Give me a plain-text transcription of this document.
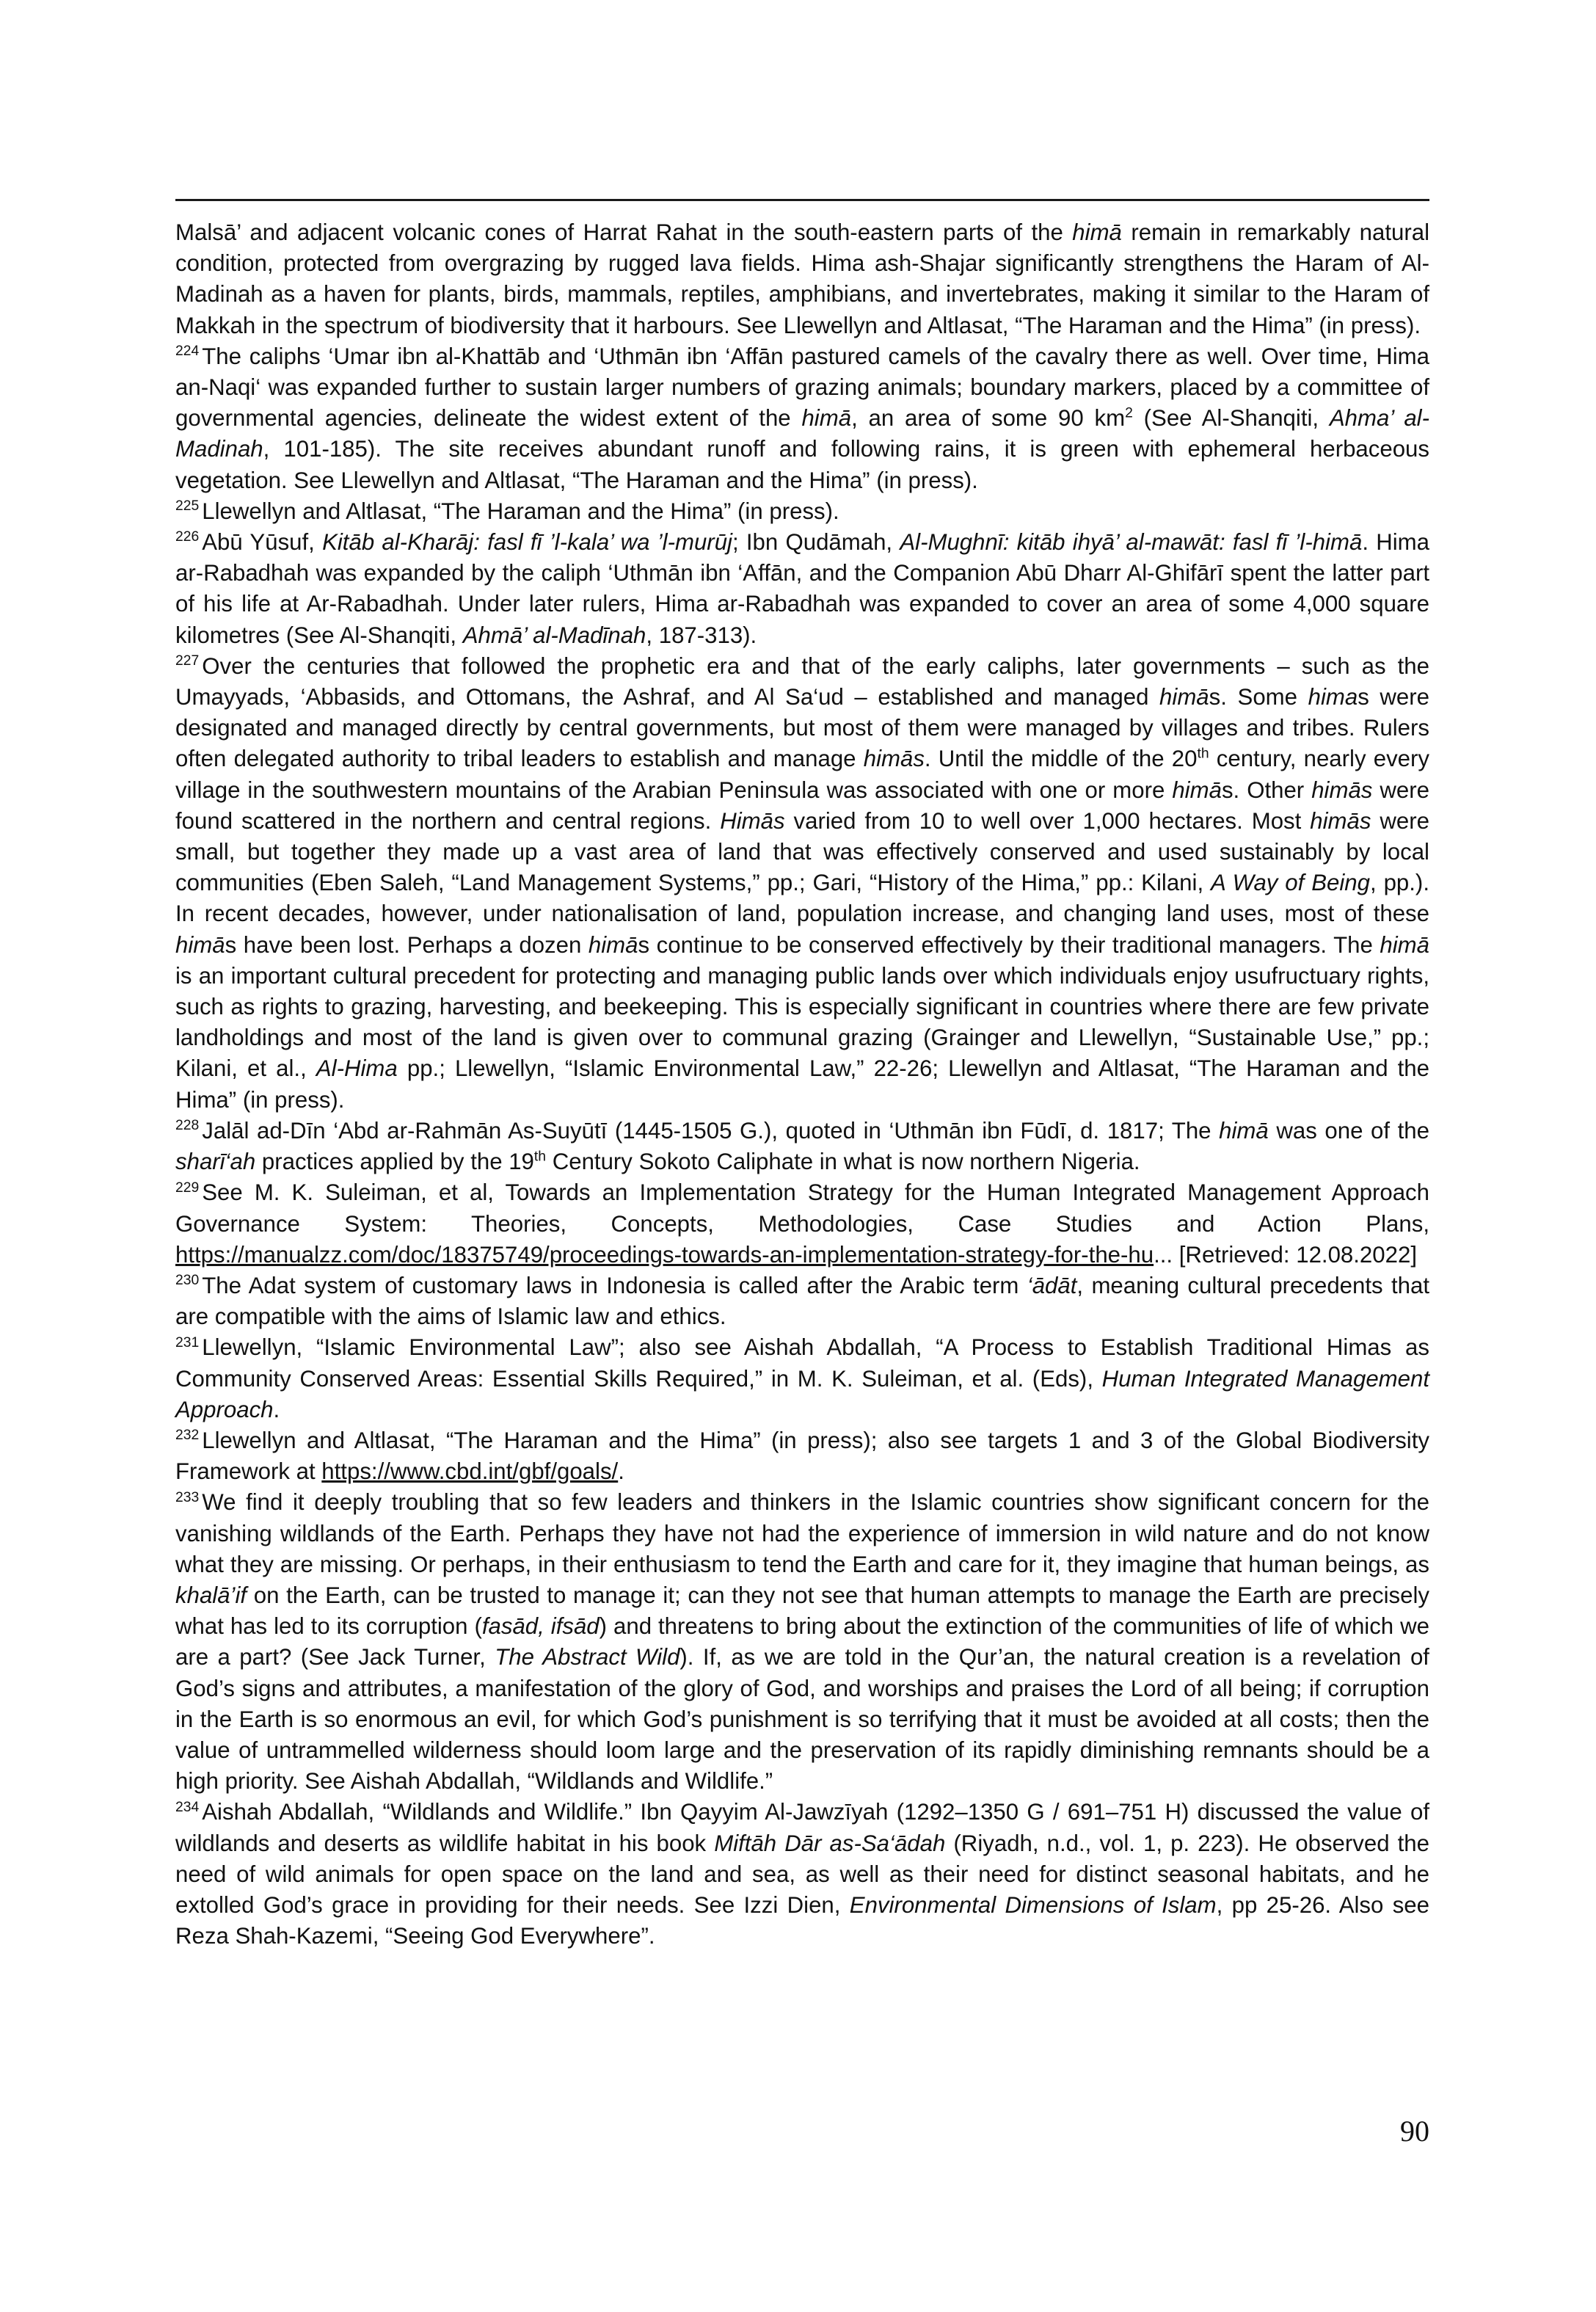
Malsā’ and adjacent volcanic cones of Harrat Rahat in the south-eastern parts of the himā remain in remarkably natural condition, protected from overgrazing by rugged lava fields. Hima ash-Shajar significantly strengthens the Haram of Al-Madinah as a haven for plants, birds, mammals, reptiles, amphibians, and invertebrates, making it similar to the Haram of Makkah in the spectrum of biodiversity that it harbours. See Llewellyn and Altlasat, “The Haraman and the Hima” (in press).

$^{224}$ The caliphs ‘Umar ibn al-Khattāb and ‘Uthmān ibn ‘Affān pastured camels of the cavalry there as well. Over time, Hima an-Naqi‘ was expanded further to sustain larger numbers of grazing animals; boundary markers, placed by a committee of governmental agencies, delineate the widest extent of the himā, an area of some 90 $km^2$ (See Al-Shanqiti, Ahma’ al-Madinah, 101-185). The site receives abundant runoff and following rains, it is green with ephemeral herbaceous vegetation. See Llewellyn and Altlasat, “The Haraman and the Hima” (in press).

$^{225}$ Llewellyn and Altlasat, “The Haraman and the Hima” (in press).

$^{226}$ Abū Yūsuf, Kitāb al-Kharāj: fasl fī ’l-kala’ wa ’l-murūj; Ibn Qudāmah, Al-Mughnī: kitāb ihyā’ al-mawāt: fasl fī ’l-himā. Hima ar-Rabadhah was expanded by the caliph ‘Uthmān ibn ‘Affān, and the Companion Abū Dharr Al-Ghifārī spent the latter part of his life at Ar-Rabadhah. Under later rulers, Hima ar-Rabadhah was expanded to cover an area of some 4,000 square kilometres (See Al-Shanqiti, Ahmā’ al-Madīnah, 187-313).

$^{227}$ Over the centuries that followed the prophetic era and that of the early caliphs, later governments – such as the Umayyads, ‘Abbasids, and Ottomans, the Ashraf, and Al Sa‘ud – established and managed himās. Some himas were designated and managed directly by central governments, but most of them were managed by villages and tribes. Rulers often delegated authority to tribal leaders to establish and manage himās. Until the middle of the 20th century, nearly every village in the southwestern mountains of the Arabian Peninsula was associated with one or more himās. Other himās were found scattered in the northern and central regions. Himās varied from 10 to well over 1,000 hectares. Most himās were small, but together they made up a vast area of land that was effectively conserved and used sustainably by local communities (Eben Saleh, “Land Management Systems,” pp.; Gari, “History of the Hima,” pp.: Kilani, A Way of Being, pp.). In recent decades, however, under nationalisation of land, population increase, and changing land uses, most of these himās have been lost. Perhaps a dozen himās continue to be conserved effectively by their traditional managers. The himā is an important cultural precedent for protecting and managing public lands over which individuals enjoy usufructuary rights, such as rights to grazing, harvesting, and beekeeping. This is especially significant in countries where there are few private landholdings and most of the land is given over to communal grazing (Grainger and Llewellyn, “Sustainable Use,” pp.; Kilani, et al., Al-Hima pp.; Llewellyn, “Islamic Environmental Law,” 22-26; Llewellyn and Altlasat, “The Haraman and the Hima” (in press).

$^{228}$ Jalāl ad-Dīn ‘Abd ar-Rahmān As-Suyūtī (1445-1505 G.), quoted in ‘Uthmān ibn Fūdī, d. 1817; The himā was one of the sharī‘ah practices applied by the 19th Century Sokoto Caliphate in what is now northern Nigeria.

$^{229}$ See M. K. Suleiman, et al, Towards an Implementation Strategy for the Human Integrated Management Approach Governance System: Theories, Concepts, Methodologies, Case Studies and Action Plans, https://manualzz.com/doc/18375749/proceedings-towards-an-implementation-strategy-for-the-hu... [Retrieved: 12.08.2022]

$^{230}$ The Adat system of customary laws in Indonesia is called after the Arabic term ‘ādāt, meaning cultural precedents that are compatible with the aims of Islamic law and ethics.

$^{231}$ Llewellyn, “Islamic Environmental Law”; also see Aishah Abdallah, “A Process to Establish Traditional Himas as Community Conserved Areas: Essential Skills Required,” in M. K. Suleiman, et al. (Eds), Human Integrated Management Approach.

$^{232}$ Llewellyn and Altlasat, “The Haraman and the Hima” (in press); also see targets 1 and 3 of the Global Biodiversity Framework at https://www.cbd.int/gbf/goals/.

$^{233}$ We find it deeply troubling that so few leaders and thinkers in the Islamic countries show significant concern for the vanishing wildlands of the Earth. Perhaps they have not had the experience of immersion in wild nature and do not know what they are missing. Or perhaps, in their enthusiasm to tend the Earth and care for it, they imagine that human beings, as khalā’if on the Earth, can be trusted to manage it; can they not see that human attempts to manage the Earth are precisely what has led to its corruption (fasād, ifsād) and threatens to bring about the extinction of the communities of life of which we are a part? (See Jack Turner, The Abstract Wild). If, as we are told in the Qur’an, the natural creation is a revelation of God’s signs and attributes, a manifestation of the glory of God, and worships and praises the Lord of all being; if corruption in the Earth is so enormous an evil, for which God’s punishment is so terrifying that it must be avoided at all costs; then the value of untrammelled wilderness should loom large and the preservation of its rapidly diminishing remnants should be a high priority. See Aishah Abdallah, “Wildlands and Wildlife.”

$^{234}$ Aishah Abdallah, “Wildlands and Wildlife.” Ibn Qayyim Al-Jawzīyah (1292–1350 G / 691–751 H) discussed the value of wildlands and deserts as wildlife habitat in his book Miftāh Dār as-Sa‘ādah (Riyadh, n.d., vol. 1, p. 223). He observed the need of wild animals for open space on the land and sea, as well as their need for distinct seasonal habitats, and he extolled God’s grace in providing for their needs. See Izzi Dien, Environmental Dimensions of Islam, pp 25-26. Also see Reza Shah-Kazemi, “Seeing God Everywhere”.

90
